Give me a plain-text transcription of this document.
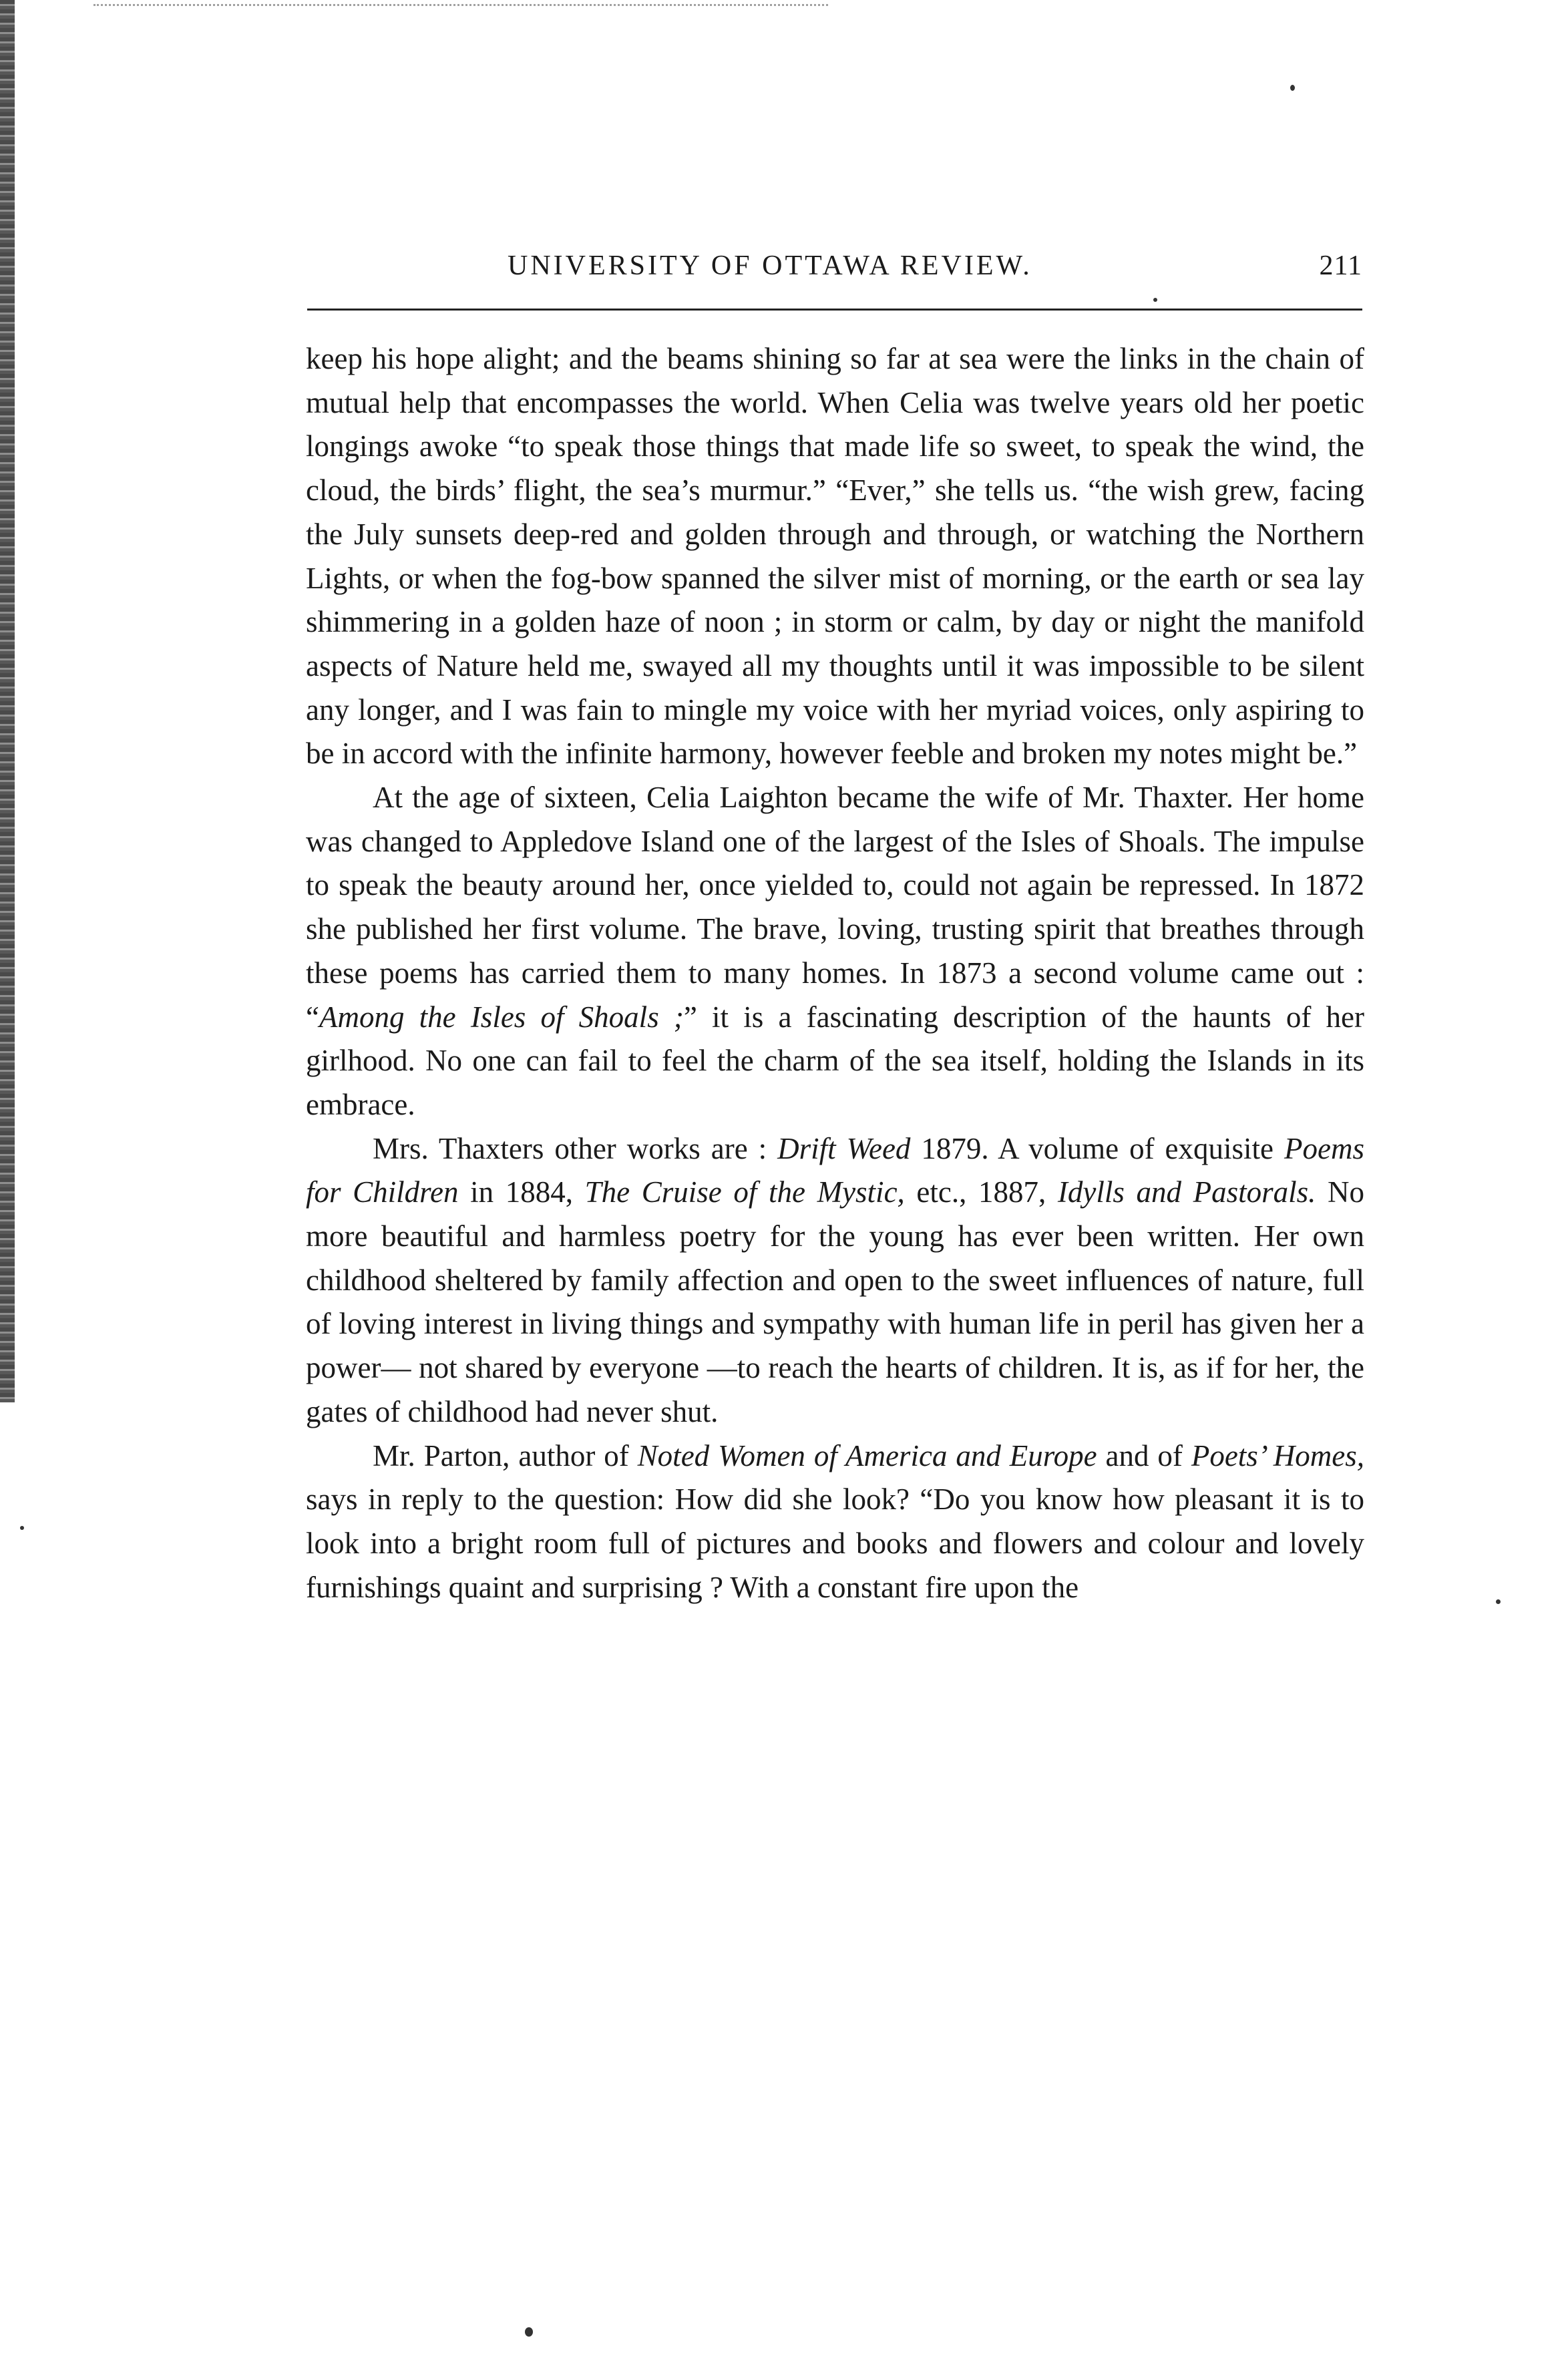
UNIVERSITY OF OTTAWA REVIEW.	211

keep his hope alight; and the beams shining so far at sea were the links in the chain of mutual help that encompasses the world. When Celia was twelve years old her poetic longings awoke “to speak those things that made life so sweet, to speak the wind, the cloud, the birds’ flight, the sea’s murmur.” “Ever,” she tells us. “the wish grew, facing the July sunsets deep-red and golden through and through, or watching the Northern Lights, or when the fog-bow spanned the silver mist of morning, or the earth or sea lay shimmering in a golden haze of noon ; in storm or calm, by day or night the manifold aspects of Nature held me, swayed all my thoughts until it was impossible to be silent any longer, and I was fain to mingle my voice with her myriad voices, only aspiring to be in accord with the infinite harmony, however feeble and broken my notes might be.”

At the age of sixteen, Celia Laighton became the wife of Mr. Thaxter. Her home was changed to Appledove Island one of the largest of the Isles of Shoals. The impulse to speak the beauty around her, once yielded to, could not again be repressed. In 1872 she published her first volume. The brave, loving, trusting spirit that breathes through these poems has carried them to many homes. In 1873 a second volume came out : “Among the Isles of Shoals ;” it is a fascinating description of the haunts of her girlhood. No one can fail to feel the charm of the sea itself, holding the Islands in its embrace.

Mrs. Thaxters other works are : Drift Weed 1879. A volume of exquisite Poems for Children in 1884, The Cruise of the Mystic, etc., 1887, Idylls and Pastorals. No more beautiful and harmless poetry for the young has ever been written. Her own childhood sheltered by family affection and open to the sweet influences of nature, full of loving interest in living things and sympathy with human life in peril has given her a power— not shared by everyone —to reach the hearts of children. It is, as if for her, the gates of childhood had never shut.

Mr. Parton, author of Noted Women of America and Europe and of Poets’ Homes, says in reply to the question: How did she look? “Do you know how pleasant it is to look into a bright room full of pictures and books and flowers and colour and lovely furnishings quaint and surprising ? With a constant fire upon the
